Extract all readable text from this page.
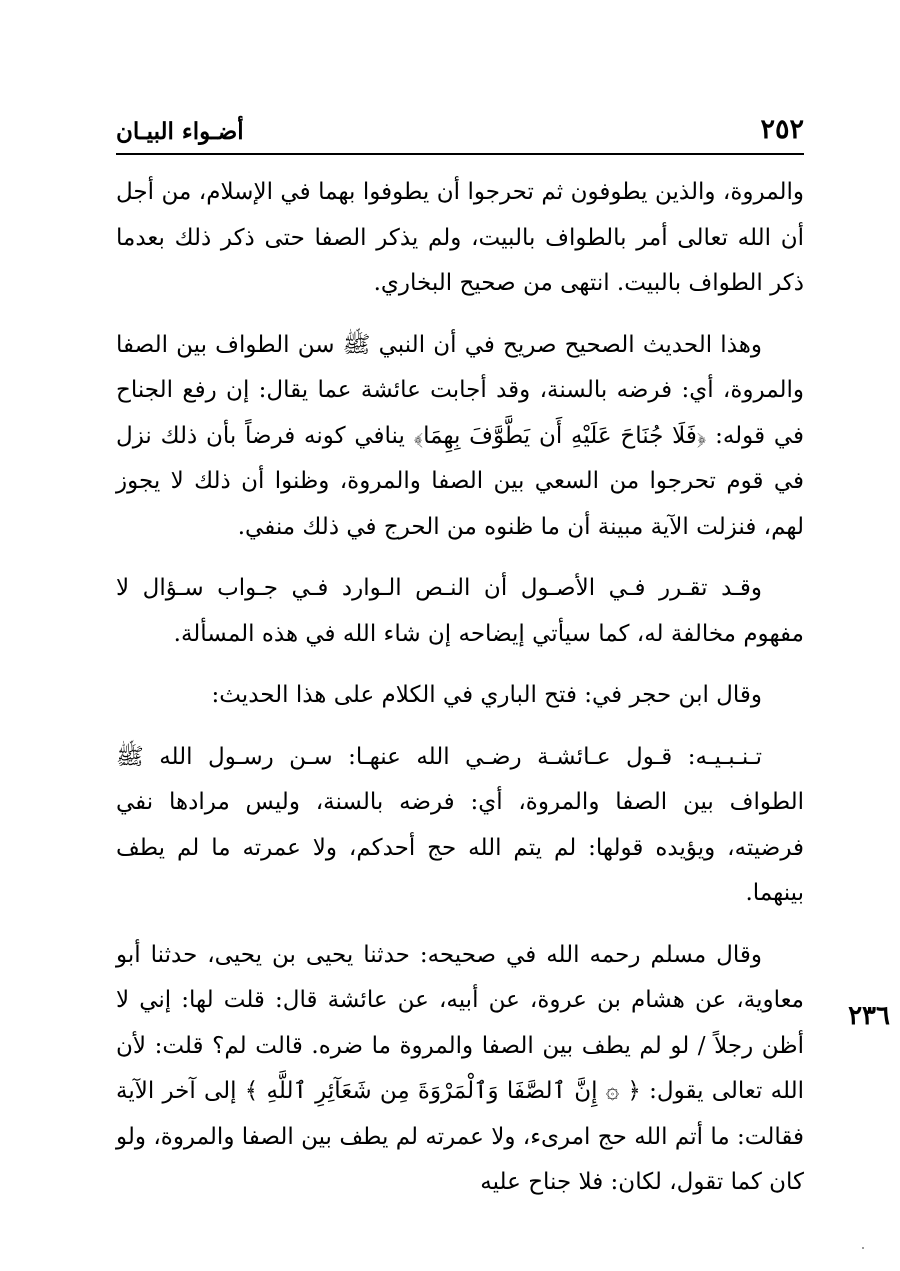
٢٥٢
أضـواء البيـان

والمروة، والذين يطوفون ثم تحرجوا أن يطوفوا بهما في الإسلام، من أجل أن الله تعالى أمر بالطواف بالبيت، ولم يذكر الصفا حتى ذكر ذلك بعدما ذكر الطواف بالبيت. انتهى من صحيح البخاري.

وهذا الحديث الصحيح صريح في أن النبي ﷺ سن الطواف بين الصفا والمروة، أي: فرضه بالسنة، وقد أجابت عائشة عما يقال: إن رفع الجناح في قوله: ﴿فَلَا جُنَاحَ عَلَيْهِ أَن يَطَّوَّفَ بِهِمَا﴾ ينافي كونه فرضاً بأن ذلك نزل في قوم تحرجوا من السعي بين الصفا والمروة، وظنوا أن ذلك لا يجوز لهم، فنزلت الآية مبينة أن ما ظنوه من الحرج في ذلك منفي.

وقـد تقـرر فـي الأصـول أن النـص الـوارد فـي جـواب سـؤال لا مفهوم مخالفة له، كما سيأتي إيضاحه إن شاء الله في هذه المسألة.

وقال ابن حجر في: فتح الباري في الكلام على هذا الحديث:

تـنـبـيـه: قـول عـائشـة رضـي الله عنهـا: سـن رسـول الله ﷺ الطواف بين الصفا والمروة، أي: فرضه بالسنة، وليس مرادها نفي فرضيته، ويؤيده قولها: لم يتم الله حج أحدكم، ولا عمرته ما لم يطف بينهما.

وقال مسلم رحمه الله في صحيحه: حدثنا يحيى بن يحيى، حدثنا أبو معاوية، عن هشام بن عروة، عن أبيه، عن عائشة قال: قلت لها: إني لا أظن رجلاً / لو لم يطف بين الصفا والمروة ما ضره. قالت لم؟ قلت: لأن الله تعالى يقول: ﴿ ۞ إِنَّ ٱلصَّفَا وَٱلْمَرْوَةَ مِن شَعَآئِرِ ٱللَّهِ ﴾ إلى آخر الآية فقالت: ما أتم الله حج امرىء، ولا عمرته لم يطف بين الصفا والمروة، ولو كان كما تقول، لكان: فلا جناح عليه

٢٣٦
